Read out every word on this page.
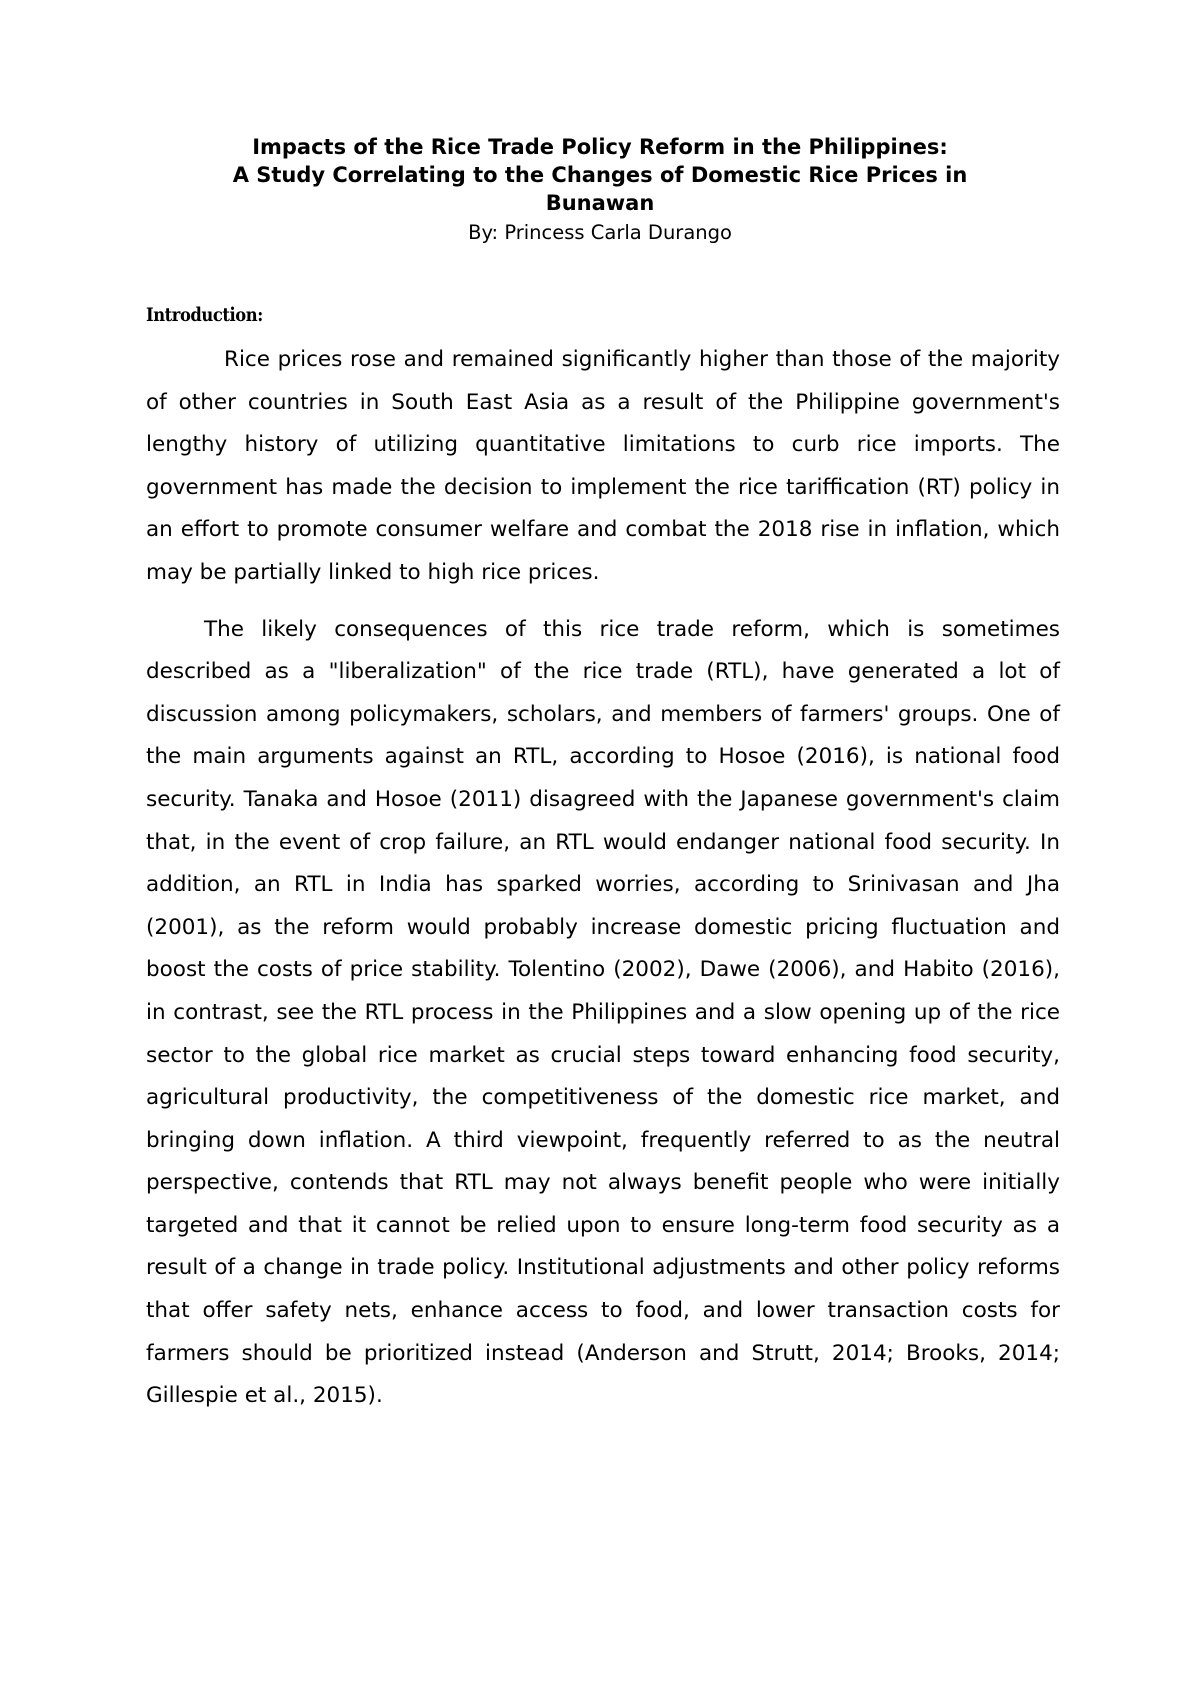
Impacts of the Rice Trade Policy Reform in the Philippines:
A Study Correlating to the Changes of Domestic Rice Prices in
Bunawan
By: Princess Carla Durango
Introduction:

Rice prices rose and remained significantly higher than those of the majority of other countries in South East Asia as a result of the Philippine government's lengthy history of utilizing quantitative limitations to curb rice imports. The government has made the decision to implement the rice tariffication (RT) policy in an effort to promote consumer welfare and combat the 2018 rise in inflation, which may be partially linked to high rice prices.

The likely consequences of this rice trade reform, which is sometimes described as a "liberalization" of the rice trade (RTL), have generated a lot of discussion among policymakers, scholars, and members of farmers' groups. One of the main arguments against an RTL, according to Hosoe (2016), is national food security. Tanaka and Hosoe (2011) disagreed with the Japanese government's claim that, in the event of crop failure, an RTL would endanger national food security. In addition, an RTL in India has sparked worries, according to Srinivasan and Jha (2001), as the reform would probably increase domestic pricing fluctuation and boost the costs of price stability. Tolentino (2002), Dawe (2006), and Habito (2016), in contrast, see the RTL process in the Philippines and a slow opening up of the rice sector to the global rice market as crucial steps toward enhancing food security, agricultural productivity, the competitiveness of the domestic rice market, and bringing down inflation. A third viewpoint, frequently referred to as the neutral perspective, contends that RTL may not always benefit people who were initially targeted and that it cannot be relied upon to ensure long-term food security as a result of a change in trade policy. Institutional adjustments and other policy reforms that offer safety nets, enhance access to food, and lower transaction costs for farmers should be prioritized instead (Anderson and Strutt, 2014; Brooks, 2014; Gillespie et al., 2015).
